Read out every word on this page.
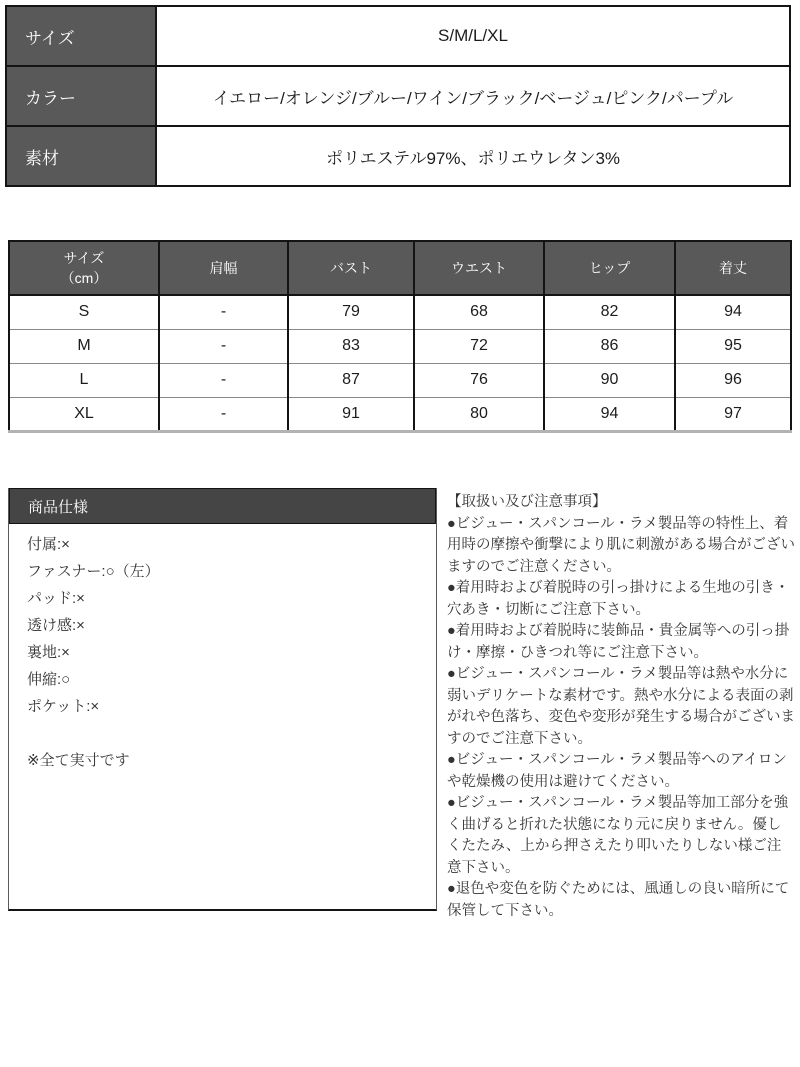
サイズ	S/M/L/XL
カラー	イエロー/オレンジ/ブルー/ワイン/ブラック/ベージュ/ピンク/パープル
素材	ポリエステル97%、ポリエウレタン3%
サイズ
（cm）	肩幅	バスト	ウエスト	ヒップ	着丈
S	-	79	68	82	94
M	-	83	72	86	95
L	-	87	76	90	96
XL	-	91	80	94	97
商品仕様
付属:×
ファスナー:○（左）
パッド:×
透け感:×
裏地:×
伸縮:○
ポケット:×
※全て実寸です

【取扱い及び注意事項】

●ビジュー・スパンコール・ラメ製品等の特性上、着用時の摩擦や衝撃により肌に刺激がある場合がございますのでご注意ください。

●着用時および着脱時の引っ掛けによる生地の引き・穴あき・切断にご注意下さい。

●着用時および着脱時に装飾品・貴金属等への引っ掛け・摩擦・ひきつれ等にご注意下さい。

●ビジュー・スパンコール・ラメ製品等は熱や水分に弱いデリケートな素材です。熱や水分による表面の剥がれや色落ち、変色や変形が発生する場合がございますのでご注意下さい。

●ビジュー・スパンコール・ラメ製品等へのアイロンや乾燥機の使用は避けてください。

●ビジュー・スパンコール・ラメ製品等加工部分を強く曲げると折れた状態になり元に戻りません。優しくたたみ、上から押さえたり叩いたりしない様ご注意下さい。

●退色や変色を防ぐためには、風通しの良い暗所にて保管して下さい。
